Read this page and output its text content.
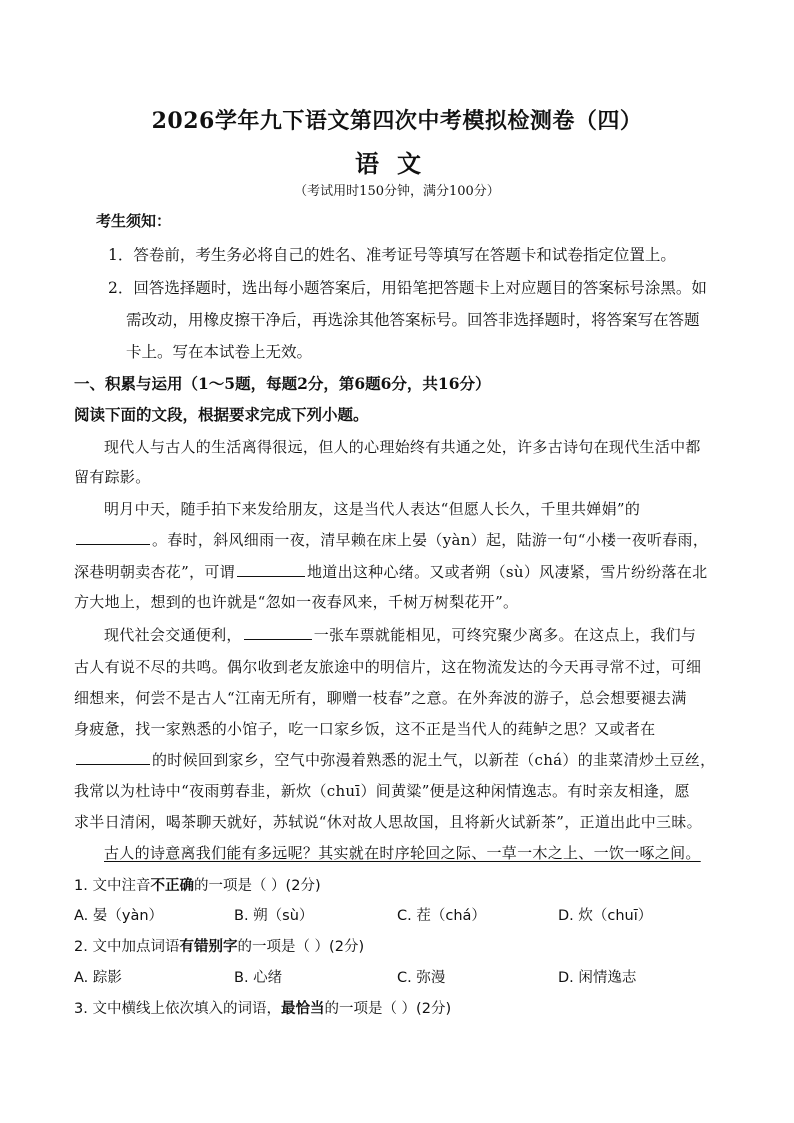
2026学年九下语文第四次中考模拟检测卷（四）
语文
（考试用时150分钟，满分100分）
考生须知：
1．答卷前，考生务必将自己的姓名、准考证号等填写在答题卡和试卷指定位置上。
2．回答选择题时，选出每小题答案后，用铅笔把答题卡上对应题目的答案标号涂黑。如
需改动，用橡皮擦干净后，再选涂其他答案标号。回答非选择题时，将答案写在答题
卡上。写在本试卷上无效。
一、积累与运用（1～5题，每题2分，第6题6分，共16分）
阅读下面的文段，根据要求完成下列小题。
现代人与古人的生活离得很远，但人的心理始终有共通之处，许多古诗句在现代生活中都
留有踪影。
明月中天，随手拍下来发给朋友，这是当代人表达“但愿人长久，千里共婵娟”的
。春时，斜风细雨一夜，清早赖在床上晏（yàn）起，陆游一句“小楼一夜听春雨，
深巷明朝卖杏花”，可谓	地道出这种心绪。又或者朔（sù）风凄紧，雪片纷纷落在北
方大地上，想到的也许就是“忽如一夜春风来，千树万树梨花开”。
现代社会交通便利，	一张车票就能相见，可终究聚少离多。在这点上，我们与
古人有说不尽的共鸣。偶尔收到老友旅途中的明信片，这在物流发达的今天再寻常不过，可细
细想来，何尝不是古人“江南无所有，聊赠一枝春”之意。在外奔波的游子，总会想要褪去满
身疲惫，找一家熟悉的小馆子，吃一口家乡饭，这不正是当代人的莼鲈之思？又或者在
的时候回到家乡，空气中弥漫着熟悉的泥土气，以新茬（chá）的韭菜清炒土豆丝，
我常以为杜诗中“夜雨剪春韭，新炊（chuī）间黄粱”便是这种闲情逸志。有时亲友相逢，愿
求半日清闲，喝茶聊天就好，苏轼说“休对故人思故国，且将新火试新茶”，正道出此中三昧。
古人的诗意离我们能有多远呢？其实就在时序轮回之际、一草一木之上、一饮一啄之间。
1. 文中注音不正确的一项是（ ）(2分)
A. 晏（yàn）	B. 朔（sù）	C. 茬（chá）	D. 炊（chuī）
2. 文中加点词语有错别字的一项是（ ）(2分)
A. 踪影	B. 心绪	C. 弥漫	D. 闲情逸志
3. 文中横线上依次填入的词语，最恰当的一项是（ ）(2分)
